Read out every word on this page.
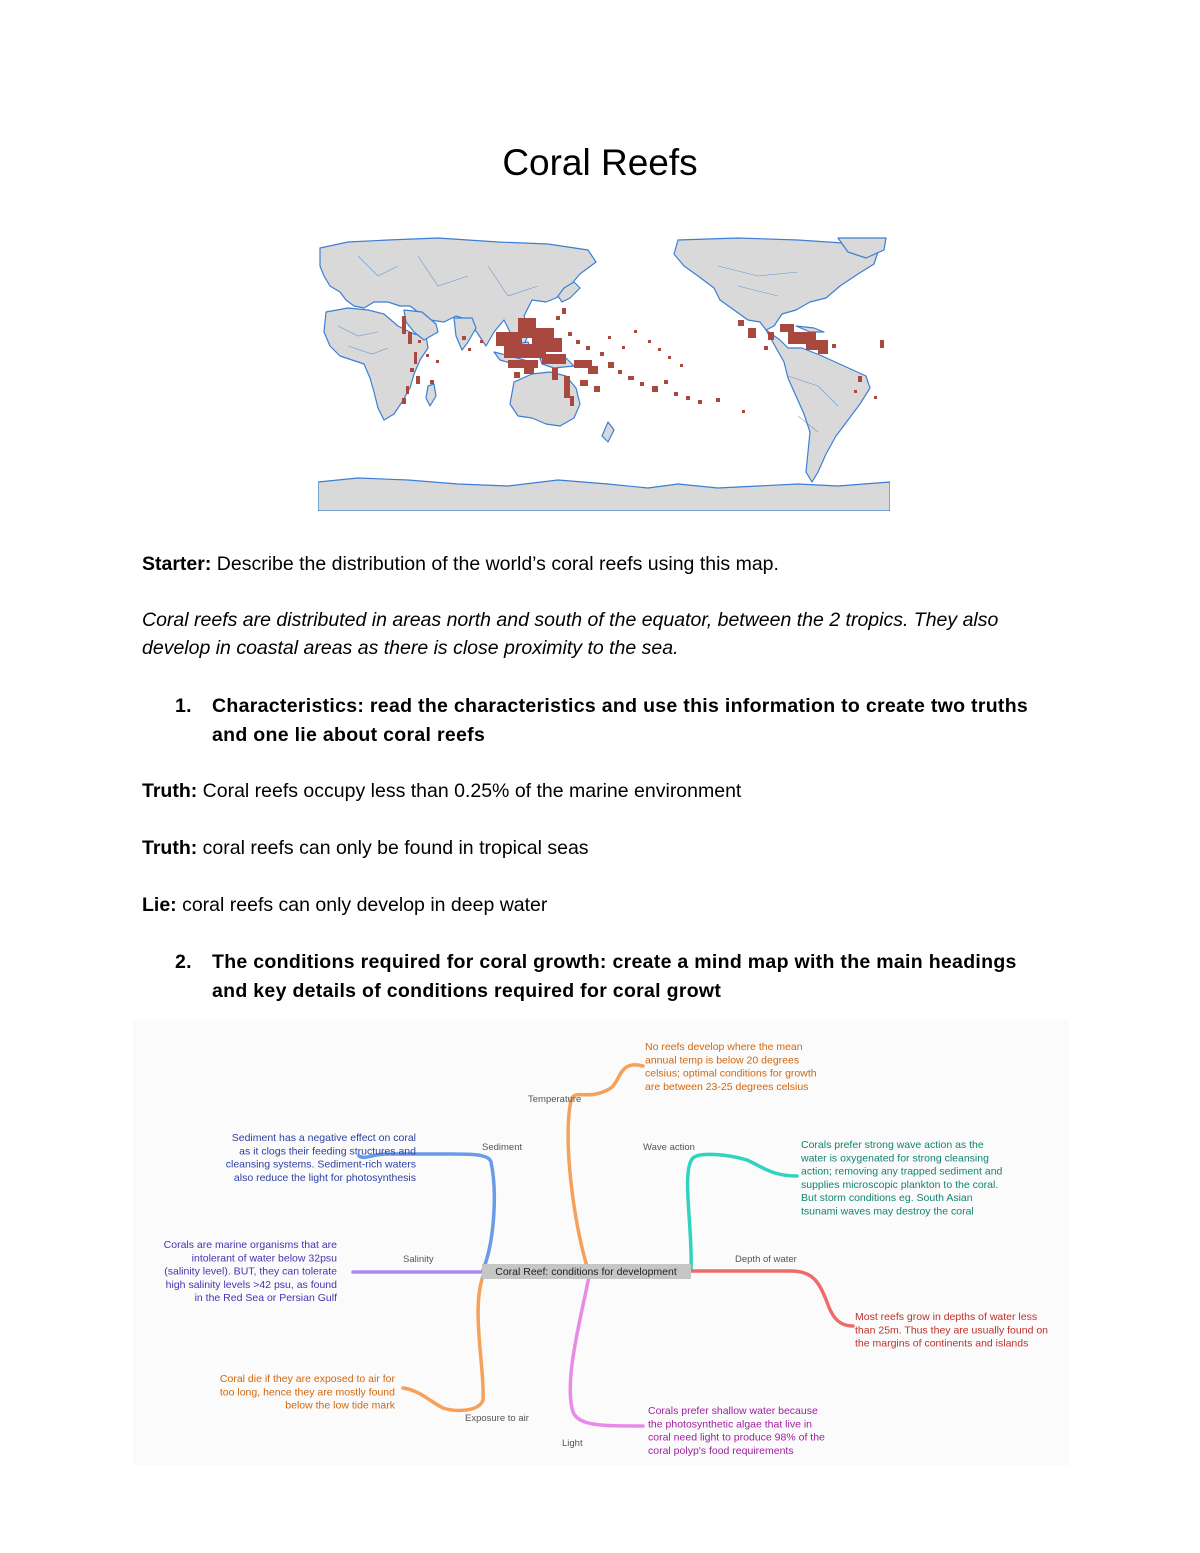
Coral Reefs
Starter: Describe the distribution of the world’s coral reefs using this map.
Coral reefs are distributed in areas north and south of the equator, between the 2 tropics. They also develop in coastal areas as there is close proximity to the sea.
1. Characteristics: read the characteristics and use this information to create two truths and one lie about coral reefs
Truth: Coral reefs occupy less than 0.25% of the marine environment
Truth: coral reefs can only be found in tropical seas
Lie: coral reefs can only develop in deep water
2. The conditions required for coral growth: create a mind map with the main headings and key details of conditions required for coral growt
Coral Reef: conditions for development
Temperature
Sediment	Wave action
Salinity	Depth of water
Exposure to air
Light
No reefs develop where the mean
annual temp is below 20 degrees
celsius; optimal conditions for growth
are between 23-25 degrees celsius
Sediment has a negative effect on coral
as it clogs their feeding structures and
cleansing systems. Sediment-rich waters
also reduce the light for photosynthesis
Corals prefer strong wave action as the
water is oxygenated for strong cleansing
action; removing any trapped sediment and
supplies microscopic plankton to the coral.
But storm conditions eg. South Asian
tsunami waves may destroy the coral
Corals are marine organisms that are
intolerant of water below 32psu
(salinity level). BUT, they can tolerate
high salinity levels >42 psu, as found
in the Red Sea or Persian Gulf
Most reefs grow in depths of water less
than 25m. Thus they are usually found on
the margins of continents and islands
Coral die if they are exposed to air for
too long, hence they are mostly found
below the low tide mark	Corals prefer shallow water because
the photosynthetic algae that live in
coral need light to produce 98% of the
coral polyp's food requirements
